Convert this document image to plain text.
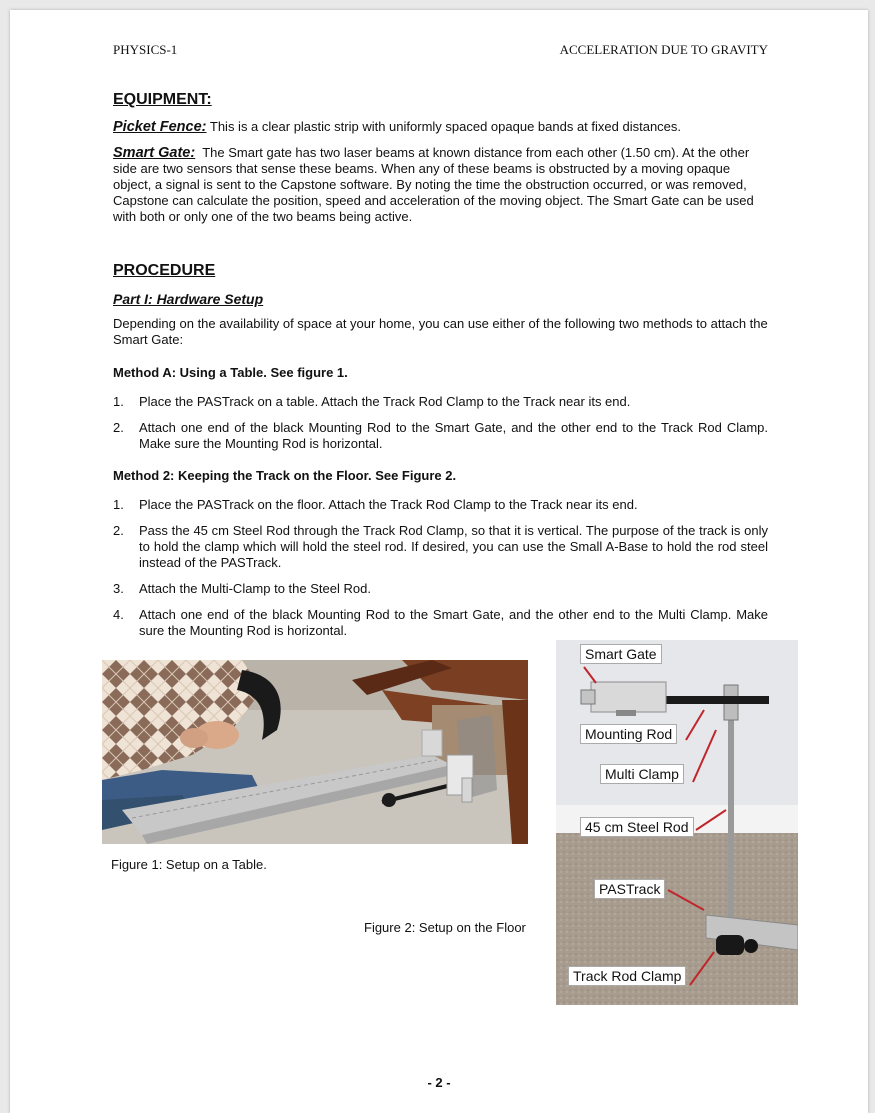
PHYSICS-1	ACCELERATION DUE TO GRAVITY
EQUIPMENT:
Picket Fence: This is a clear plastic strip with uniformly spaced opaque bands at fixed distances.
Smart Gate: The Smart gate has two laser beams at known distance from each other (1.50 cm). At the other side are two sensors that sense these beams. When any of these beams is obstructed by a moving opaque object, a signal is sent to the Capstone software. By noting the time the obstruction occurred, or was removed, Capstone can calculate the position, speed and acceleration of the moving object. The Smart Gate can be used with both or only one of the two beams being active.
PROCEDURE
Part I: Hardware Setup
Depending on the availability of space at your home, you can use either of the following two methods to attach the Smart Gate:
Method A: Using a Table. See figure 1.
1.	Place the PASTrack on a table. Attach the Track Rod Clamp to the Track near its end.
2.	Attach one end of the black Mounting Rod to the Smart Gate, and the other end to the Track Rod Clamp. Make sure the Mounting Rod is horizontal.
Method 2: Keeping the Track on the Floor. See Figure 2.
1.	Place the PASTrack on the floor. Attach the Track Rod Clamp to the Track near its end.
2.	Pass the 45 cm Steel Rod through the Track Rod Clamp, so that it is vertical. The purpose of the track is only to hold the clamp which will hold the steel rod. If desired, you can use the Small A-Base to hold the rod steel instead of the PASTrack.
3.	Attach the Multi-Clamp to the Steel Rod.
4.	Attach one end of the black Mounting Rod to the Smart Gate, and the other end to the Multi Clamp. Make sure the Mounting Rod is horizontal.
Figure 1: Setup on a Table.
Smart Gate
Mounting Rod
Multi Clamp
45 cm Steel Rod
PASTrack
Track Rod Clamp
Figure 2: Setup on the Floor
- 2 -
